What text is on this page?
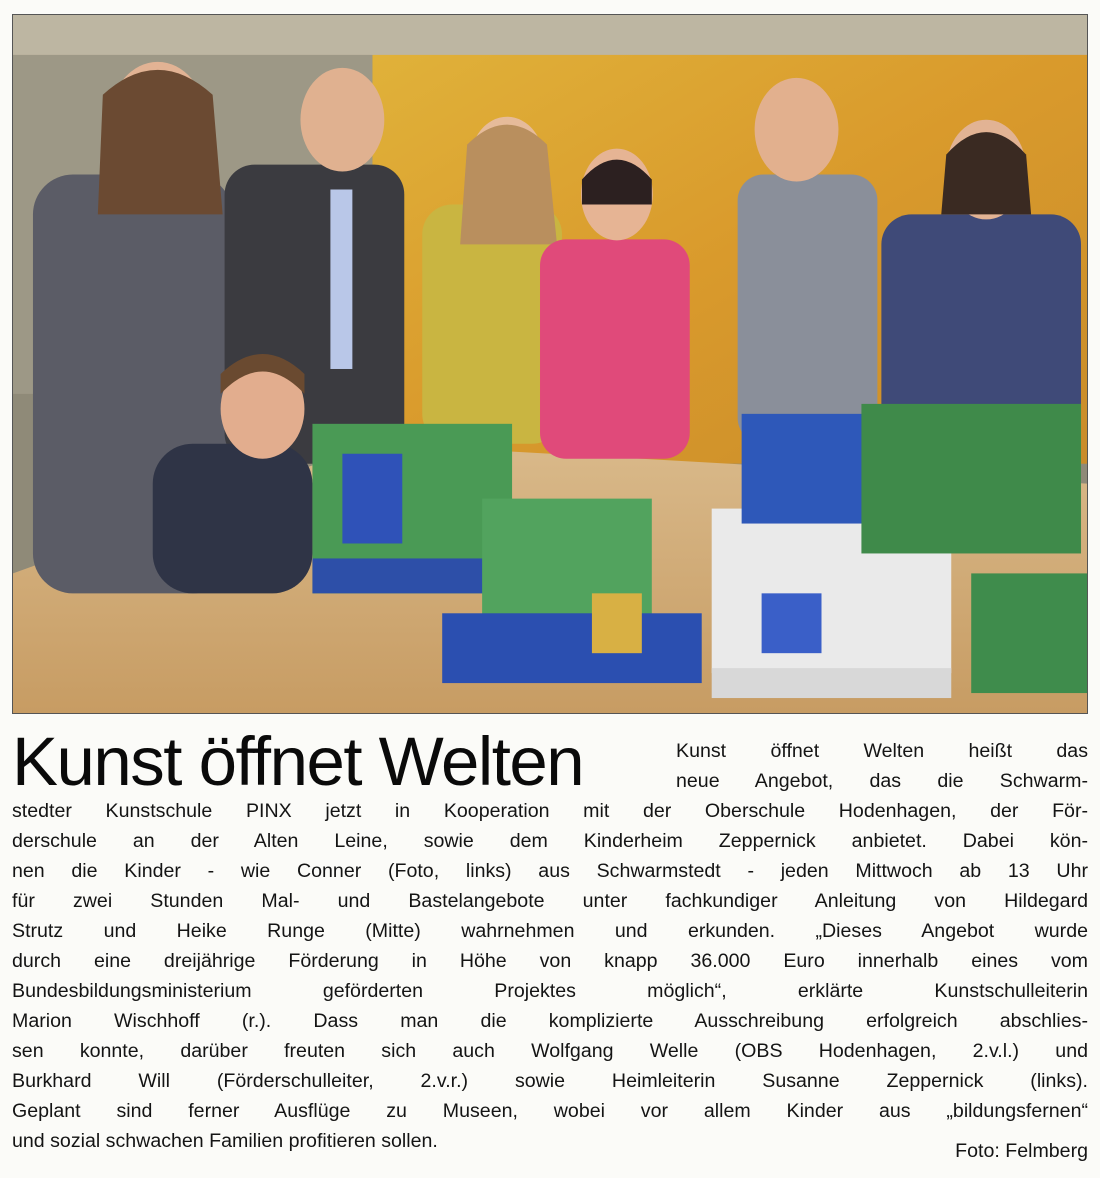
Kunst öffnet Welten	Kunst öffnet Welten heißt das
neue Angebot, das die Schwarm-
stedter Kunstschule PINX jetzt in Kooperation mit der Oberschule Hodenhagen, der För-
derschule an der Alten Leine, sowie dem Kinderheim Zeppernick anbietet. Dabei kön-
nen die Kinder - wie Conner (Foto, links) aus Schwarmstedt - jeden Mittwoch ab 13 Uhr
für zwei Stunden Mal- und Bastelangebote unter fachkundiger Anleitung von Hildegard
Strutz und Heike Runge (Mitte) wahrnehmen und erkunden. „Dieses Angebot wurde
durch eine dreijährige Förderung in Höhe von knapp 36.000 Euro innerhalb eines vom
Bundesbildungsministerium geförderten Projektes möglich“, erklärte Kunstschulleiterin
Marion Wischhoff (r.). Dass man die komplizierte Ausschreibung erfolgreich abschlies-
sen konnte, darüber freuten sich auch Wolfgang Welle (OBS Hodenhagen, 2.v.l.) und
Burkhard Will (Förderschulleiter, 2.v.r.) sowie Heimleiterin Susanne Zeppernick (links).
Geplant sind ferner Ausflüge zu Museen, wobei vor allem Kinder aus „bildungsfernen“
und sozial schwachen Familien profitieren sollen.	Foto: Felmberg
